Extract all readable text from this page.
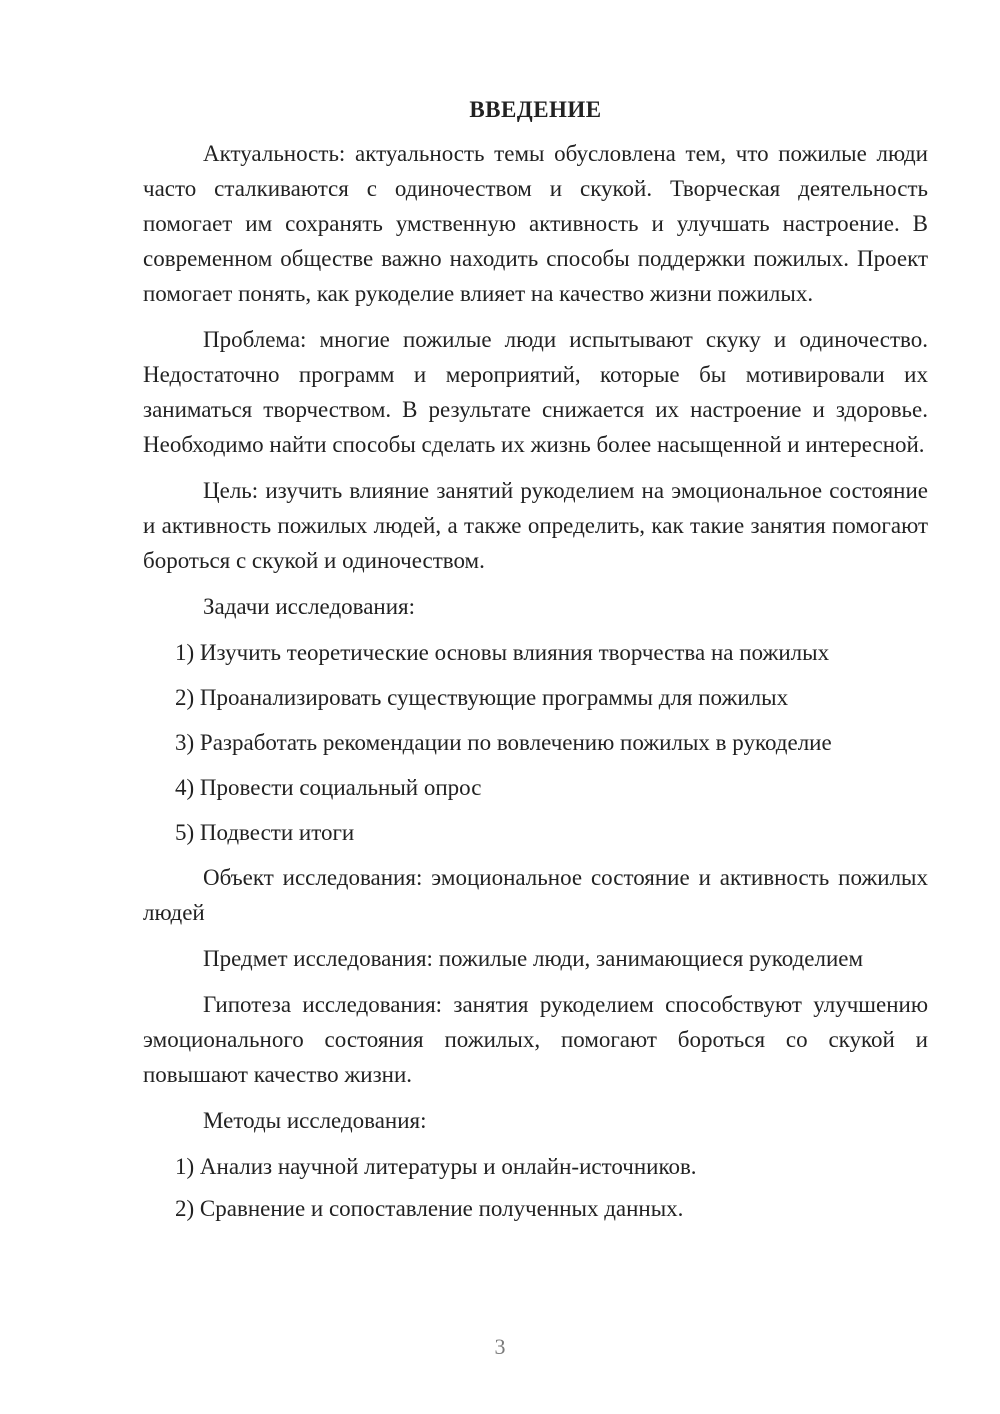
ВВЕДЕНИЕ

Актуальность: актуальность темы обусловлена тем, что пожилые люди часто сталкиваются с одиночеством и скукой. Творческая деятельность помогает им сохранять умственную активность и улучшать настроение. В современном обществе важно находить способы поддержки пожилых. Проект помогает понять, как рукоделие влияет на качество жизни пожилых.

Проблема: многие пожилые люди испытывают скуку и одиночество. Недостаточно программ и мероприятий, которые бы мотивировали их заниматься творчеством. В результате снижается их настроение и здоровье. Необходимо найти способы сделать их жизнь более насыщенной и интересной.

Цель: изучить влияние занятий рукоделием на эмоциональное состояние и активность пожилых людей, а также определить, как такие занятия помогают бороться с скукой и одиночеством.

Задачи исследования:

1) Изучить теоретические основы влияния творчества на пожилых
2) Проанализировать существующие программы для пожилых
3) Разработать рекомендации по вовлечению пожилых в рукоделие
4) Провести социальный опрос
5) Подвести итоги

Объект исследования: эмоциональное состояние и активность пожилых людей

Предмет исследования: пожилые люди, занимающиеся рукоделием

Гипотеза исследования: занятия рукоделием способствуют улучшению эмоционального состояния пожилых, помогают бороться со скукой и повышают качество жизни.

Методы исследования:

1) Анализ научной литературы и онлайн-источников.
2) Сравнение и сопоставление полученных данных.
3
